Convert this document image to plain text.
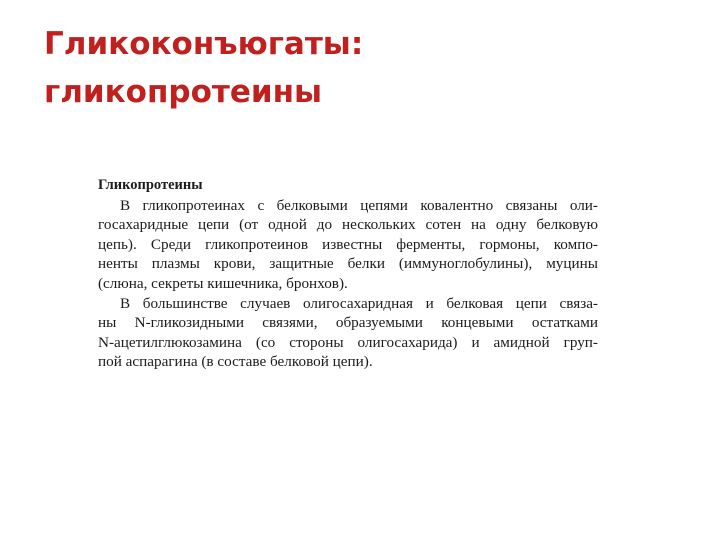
Гликоконъюгаты:
гликопротеины
Гликопротеины
В гликопротеинах с белковыми цепями ковалентно связаны оли-
госахаридные цепи (от одной до нескольких сотен на одну белковую
цепь). Среди гликопротеинов известны ферменты, гормоны, компо-
ненты плазмы крови, защитные белки (иммуноглобулины), муцины
(слюна, секреты кишечника, бронхов).
В большинстве случаев олигосахаридная и белковая цепи связа-
ны N-гликозидными связями, образуемыми концевыми остатками
N-ацетилглюкозамина (со стороны олигосахарида) и амидной груп-
пой аспарагина (в составе белковой цепи).
